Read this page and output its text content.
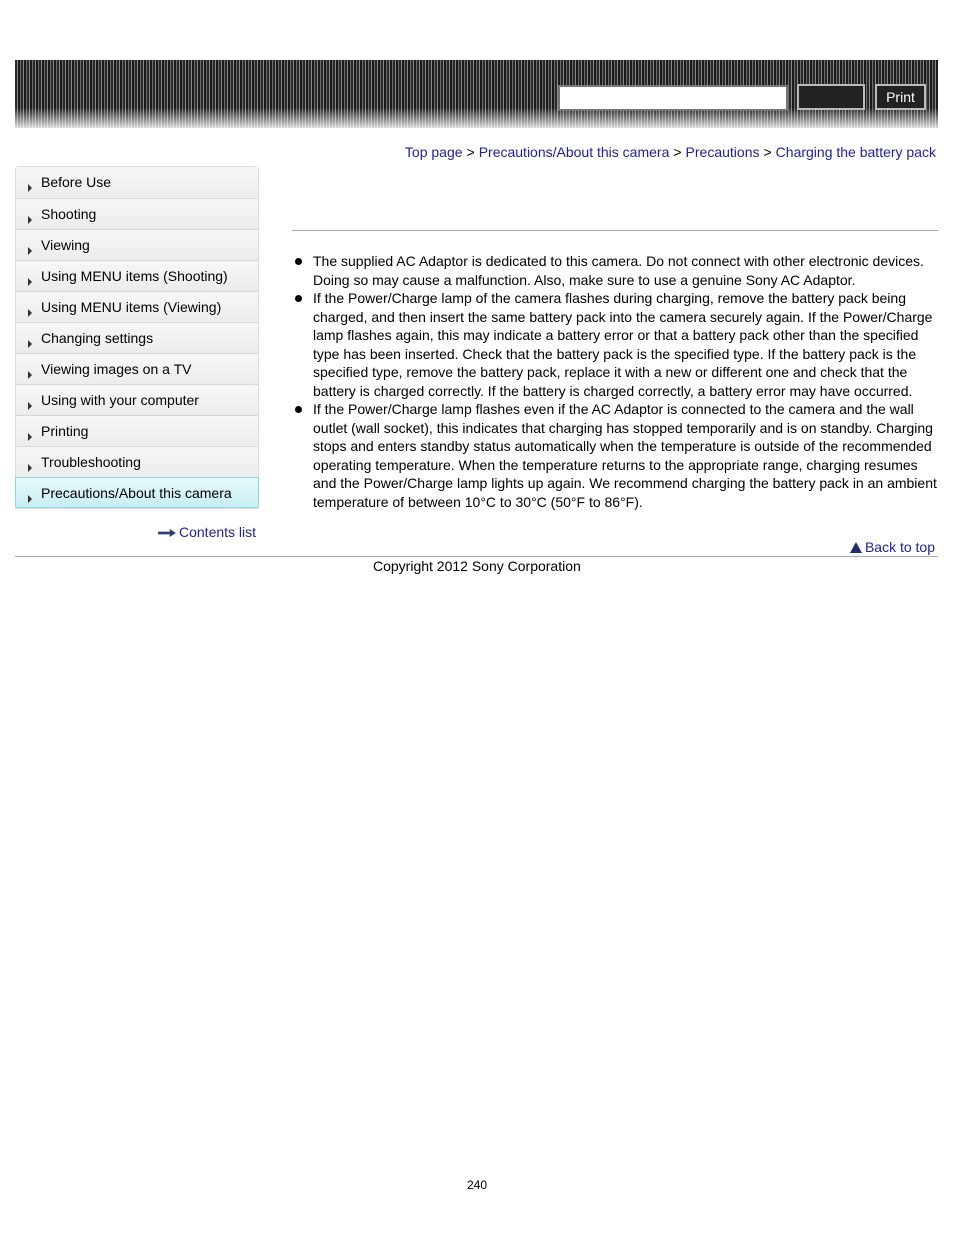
Print
Top page > Precautions/About this camera > Precautions > Charging the battery pack
Before Use
Shooting
Viewing
Using MENU items (Shooting)
Using MENU items (Viewing)
Changing settings
Viewing images on a TV
Using with your computer
Printing
Troubleshooting
Precautions/About this camera
Contents list
The supplied AC Adaptor is dedicated to this camera. Do not connect with other electronic devices. Doing so may cause a malfunction. Also, make sure to use a genuine Sony AC Adaptor.
If the Power/Charge lamp of the camera flashes during charging, remove the battery pack being charged, and then insert the same battery pack into the camera securely again. If the Power/Charge lamp flashes again, this may indicate a battery error or that a battery pack other than the specified type has been inserted. Check that the battery pack is the specified type. If the battery pack is the specified type, remove the battery pack, replace it with a new or different one and check that the battery is charged correctly. If the battery is charged correctly, a battery error may have occurred.
If the Power/Charge lamp flashes even if the AC Adaptor is connected to the camera and the wall outlet (wall socket), this indicates that charging has stopped temporarily and is on standby. Charging stops and enters standby status automatically when the temperature is outside of the recommended operating temperature. When the temperature returns to the appropriate range, charging resumes and the Power/Charge lamp lights up again. We recommend charging the battery pack in an ambient temperature of between 10°C to 30°C (50°F to 86°F).
Back to top
Copyright 2012 Sony Corporation
240
